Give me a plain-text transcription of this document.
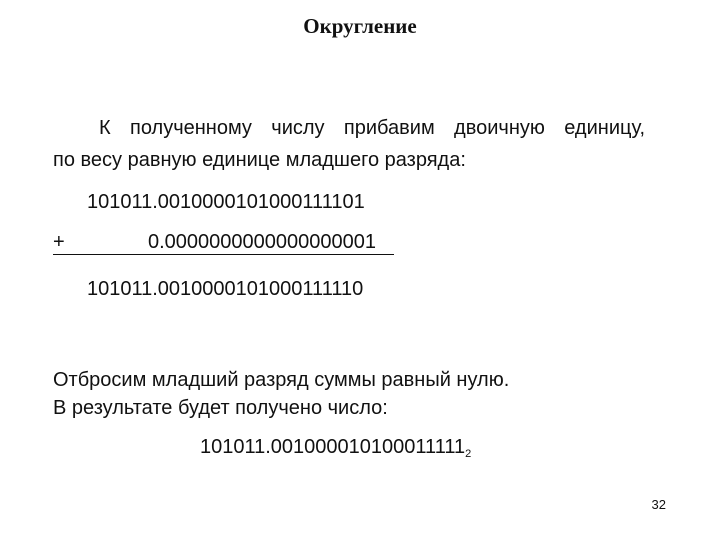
Округление
К полученному числу прибавим двоичную единицу,
по весу равную единице младшего разряда:
101011.0010000101000111101
+	0.0000000000000000001
101011.0010000101000111110
Отбросим младший разряд суммы равный нулю.
В результате будет получено число:
$101011.001000010100011111_2$
32
